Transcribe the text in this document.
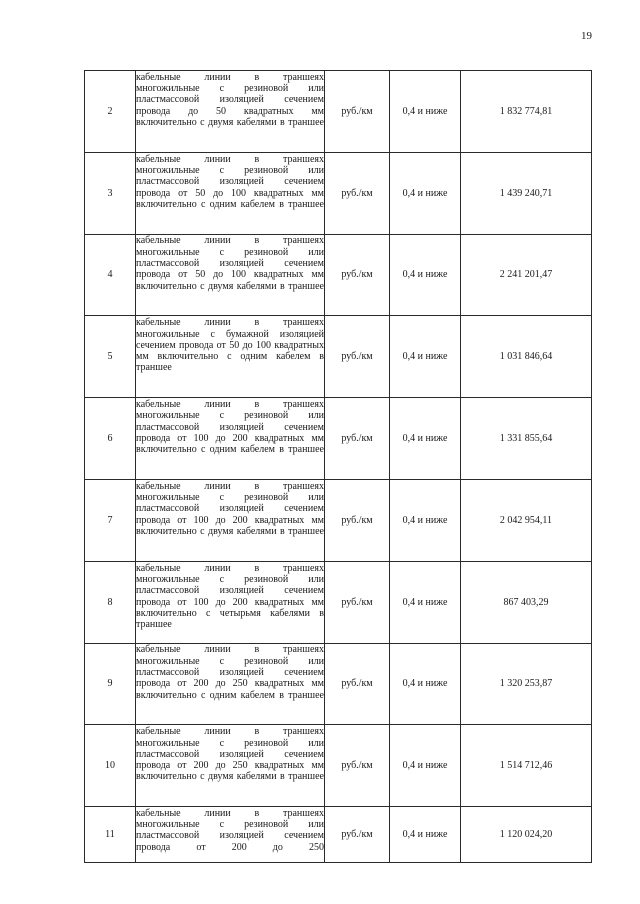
19
2	кабельные линии в траншеях многожильные с резиновой или пластмассовой изоляцией сечением провода до 50 квадратных мм включительно с двумя кабелями в траншее	руб./км	0,4 и ниже	1 832 774,81
3	кабельные линии в траншеях многожильные с резиновой или пластмассовой изоляцией сечением провода от 50 до 100 квадратных мм включительно с одним кабелем в траншее	руб./км	0,4 и ниже	1 439 240,71
4	кабельные линии в траншеях многожильные с резиновой или пластмассовой изоляцией сечением провода от 50 до 100 квадратных мм включительно с двумя кабелями в траншее	руб./км	0,4 и ниже	2 241 201,47
5	кабельные линии в траншеях многожильные с бумажной изоляцией сечением провода от 50 до 100 квадратных мм включительно с одним кабелем в траншее	руб./км	0,4 и ниже	1 031 846,64
6	кабельные линии в траншеях многожильные с резиновой или пластмассовой изоляцией сечением провода от 100 до 200 квадратных мм включительно с одним кабелем в траншее	руб./км	0,4 и ниже	1 331 855,64
7	кабельные линии в траншеях многожильные с резиновой или пластмассовой изоляцией сечением провода от 100 до 200 квадратных мм включительно с двумя кабелями в траншее	руб./км	0,4 и ниже	2 042 954,11
8	кабельные линии в траншеях многожильные с резиновой или пластмассовой изоляцией сечением провода от 100 до 200 квадратных мм включительно с четырьмя кабелями в траншее	руб./км	0,4 и ниже	867 403,29
9	кабельные линии в траншеях многожильные с резиновой или пластмассовой изоляцией сечением провода от 200 до 250 квадратных мм включительно с одним кабелем в траншее	руб./км	0,4 и ниже	1 320 253,87
10	кабельные линии в траншеях многожильные с резиновой или пластмассовой изоляцией сечением провода от 200 до 250 квадратных мм включительно с двумя кабелями в траншее	руб./км	0,4 и ниже	1 514 712,46
11	кабельные линии в траншеях многожильные с резиновой или пластмассовой изоляцией сечением провода от 200 до 250	руб./км	0,4 и ниже	1 120 024,20
